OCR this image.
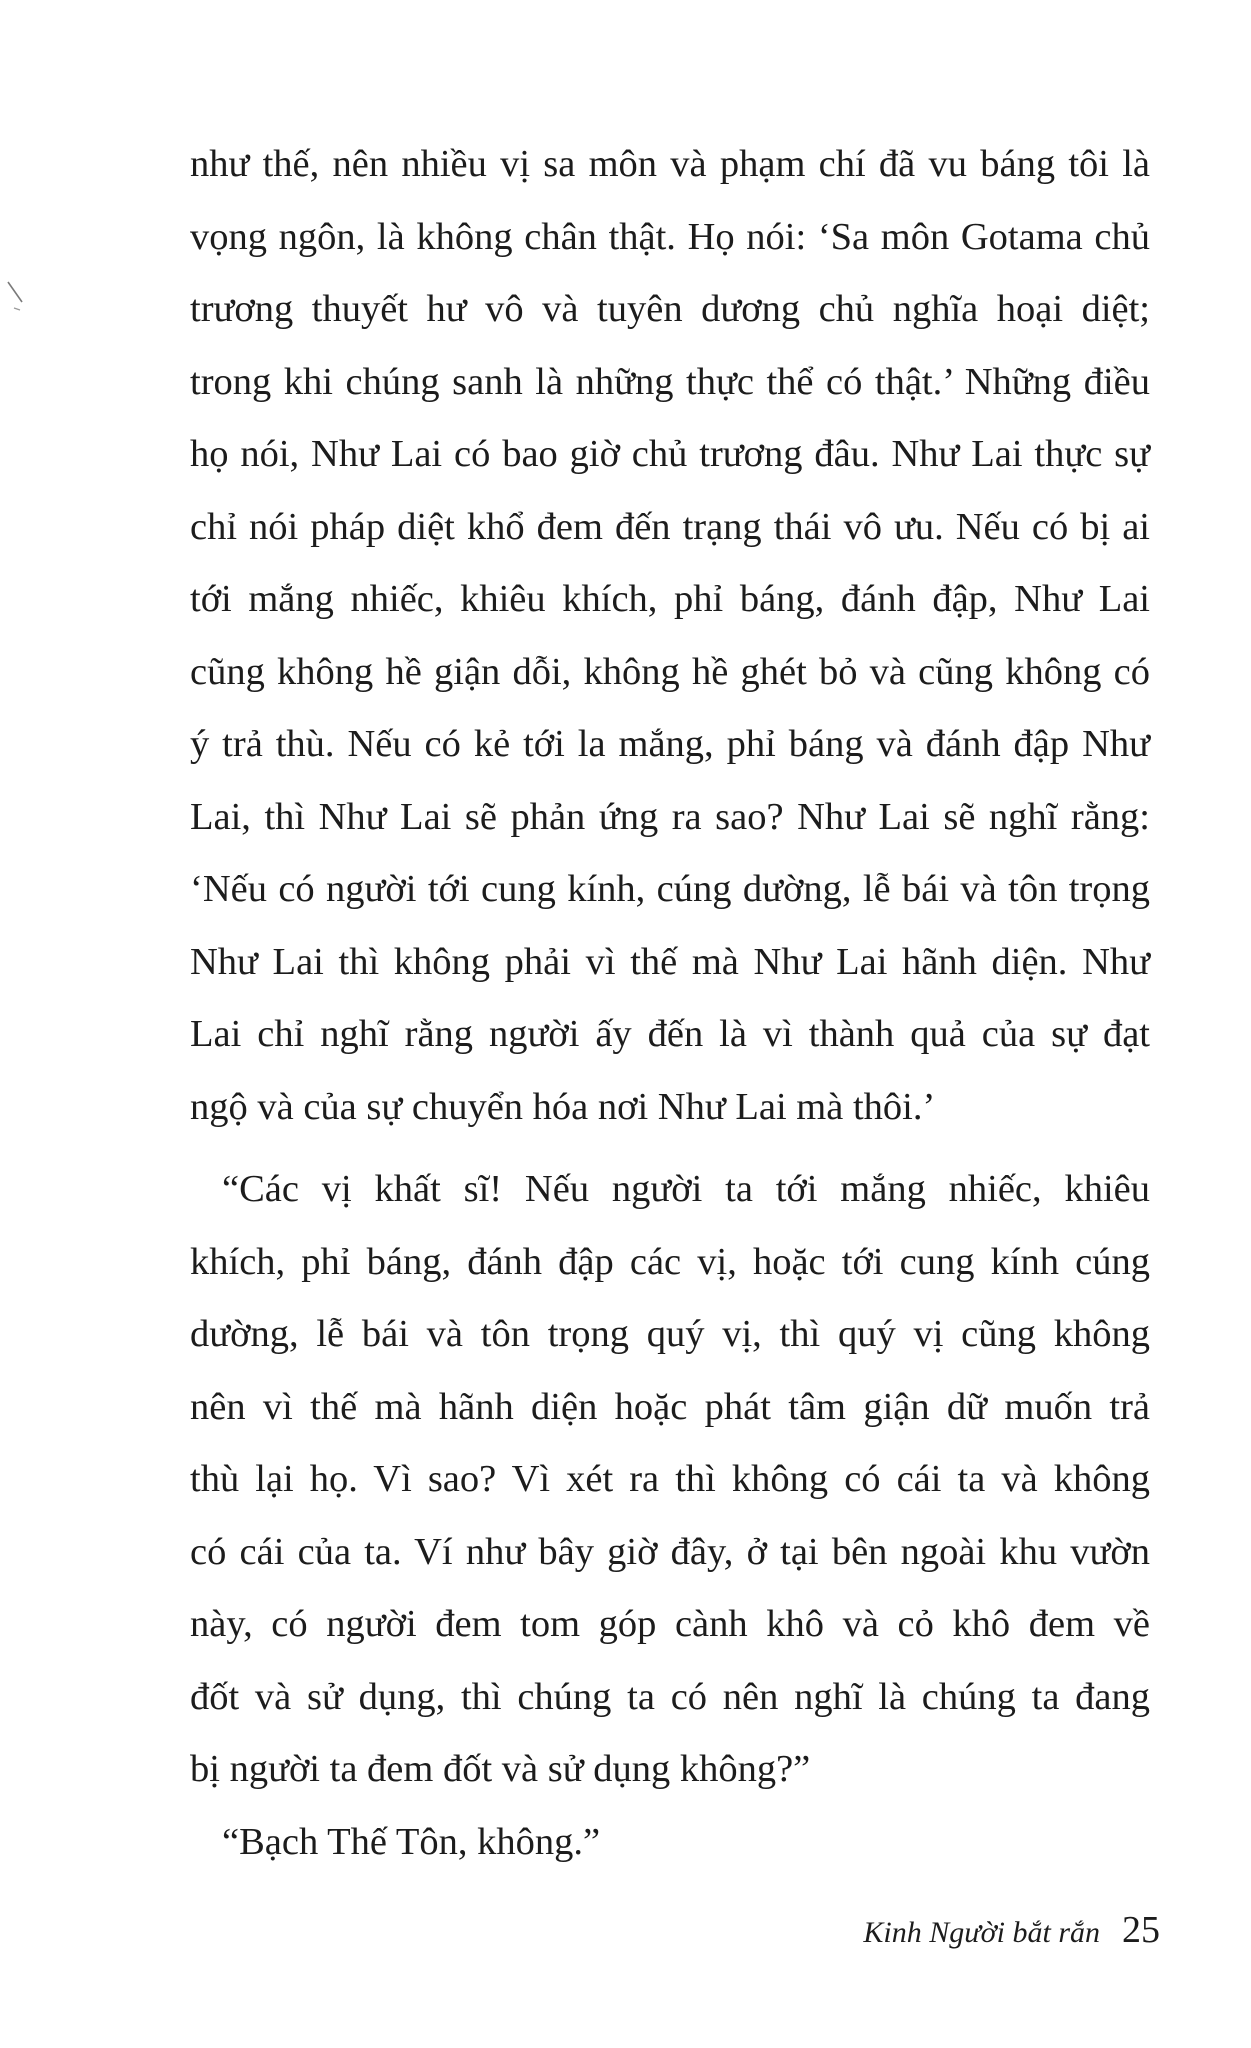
như thế, nên nhiều vị sa môn và phạm chí đã vu báng tôi là
vọng ngôn, là không chân thật. Họ nói: ‘Sa môn Gotama chủ
trương thuyết hư vô và tuyên dương chủ nghĩa hoại diệt;
trong khi chúng sanh là những thực thể có thật.’ Những điều
họ nói, Như Lai có bao giờ chủ trương đâu. Như Lai thực sự
chỉ nói pháp diệt khổ đem đến trạng thái vô ưu. Nếu có bị ai
tới mắng nhiếc, khiêu khích, phỉ báng, đánh đập, Như Lai
cũng không hề giận dỗi, không hề ghét bỏ và cũng không có
ý trả thù. Nếu có kẻ tới la mắng, phỉ báng và đánh đập Như
Lai, thì Như Lai sẽ phản ứng ra sao? Như Lai sẽ nghĩ rằng:
‘Nếu có người tới cung kính, cúng dường, lễ bái và tôn trọng
Như Lai thì không phải vì thế mà Như Lai hãnh diện. Như
Lai chỉ nghĩ rằng người ấy đến là vì thành quả của sự đạt
ngộ và của sự chuyển hóa nơi Như Lai mà thôi.’
“Các vị khất sĩ! Nếu người ta tới mắng nhiếc, khiêu
khích, phỉ báng, đánh đập các vị, hoặc tới cung kính cúng
dường, lễ bái và tôn trọng quý vị, thì quý vị cũng không
nên vì thế mà hãnh diện hoặc phát tâm giận dữ muốn trả
thù lại họ. Vì sao? Vì xét ra thì không có cái ta và không
có cái của ta. Ví như bây giờ đây, ở tại bên ngoài khu vườn
này, có người đem tom góp cành khô và cỏ khô đem về
đốt và sử dụng, thì chúng ta có nên nghĩ là chúng ta đang
bị người ta đem đốt và sử dụng không?”
“Bạch Thế Tôn, không.”
Kinh Người bắt rắn 25
